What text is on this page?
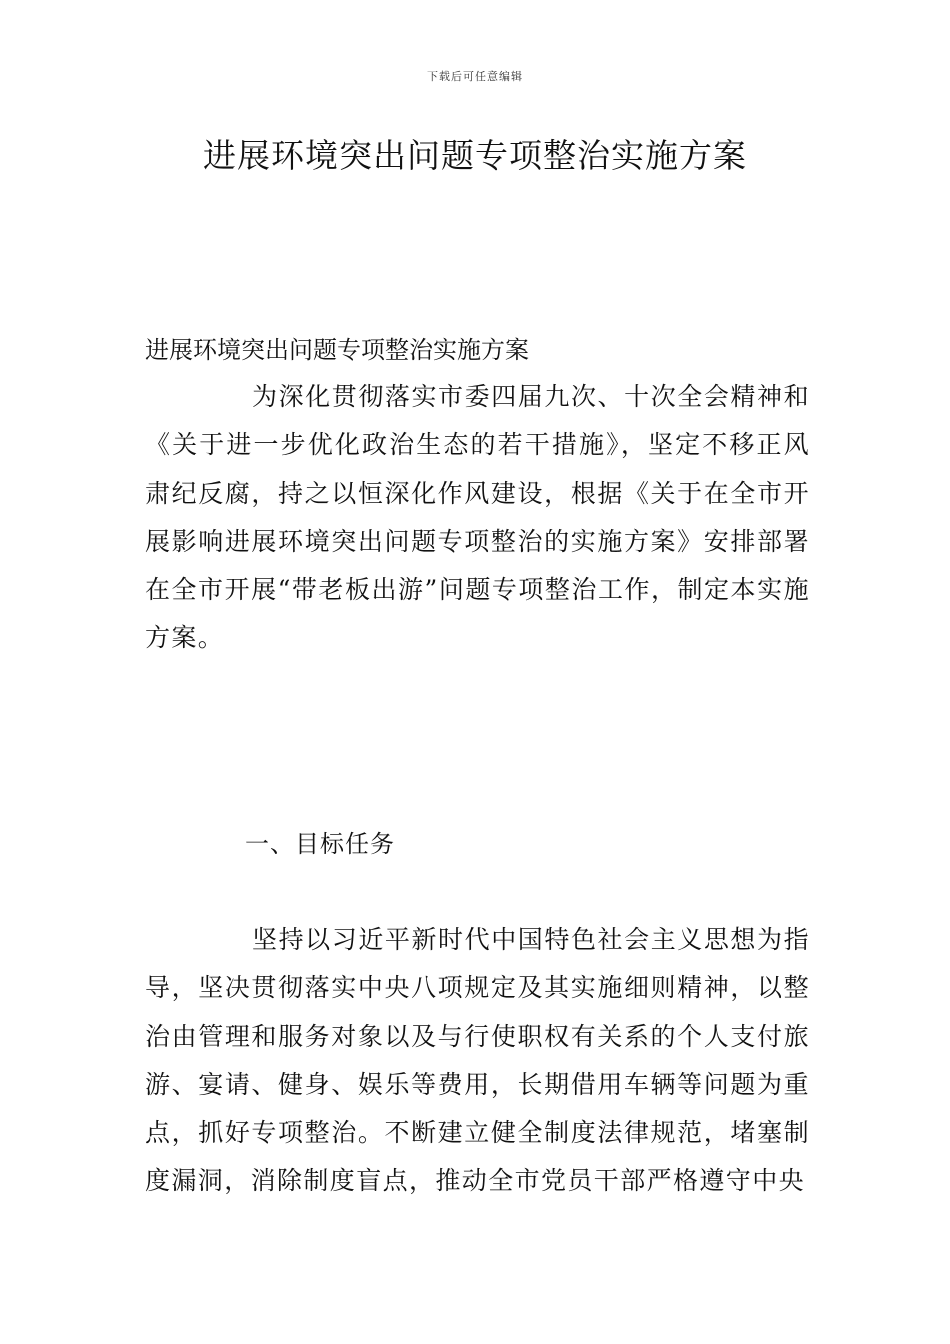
下载后可任意编辑
进展环境突出问题专项整治实施方案

进展环境突出问题专项整治实施方案

为深化贯彻落实市委四届九次、十次全会精神和《关于进一步优化政治生态的若干措施》，坚定不移正风肃纪反腐，持之以恒深化作风建设，根据《关于在全市开展影响进展环境突出问题专项整治的实施方案》安排部署在全市开展“带老板出游”问题专项整治工作，制定本实施方案。

一、目标任务

坚持以习近平新时代中国特色社会主义思想为指导，坚决贯彻落实中央八项规定及其实施细则精神，以整治由管理和服务对象以及与行使职权有关系的个人支付旅游、宴请、健身、娱乐等费用，长期借用车辆等问题为重点，抓好专项整治。不断建立健全制度法律规范，堵塞制度漏洞，消除制度盲点，推动全市党员干部严格遵守中央
